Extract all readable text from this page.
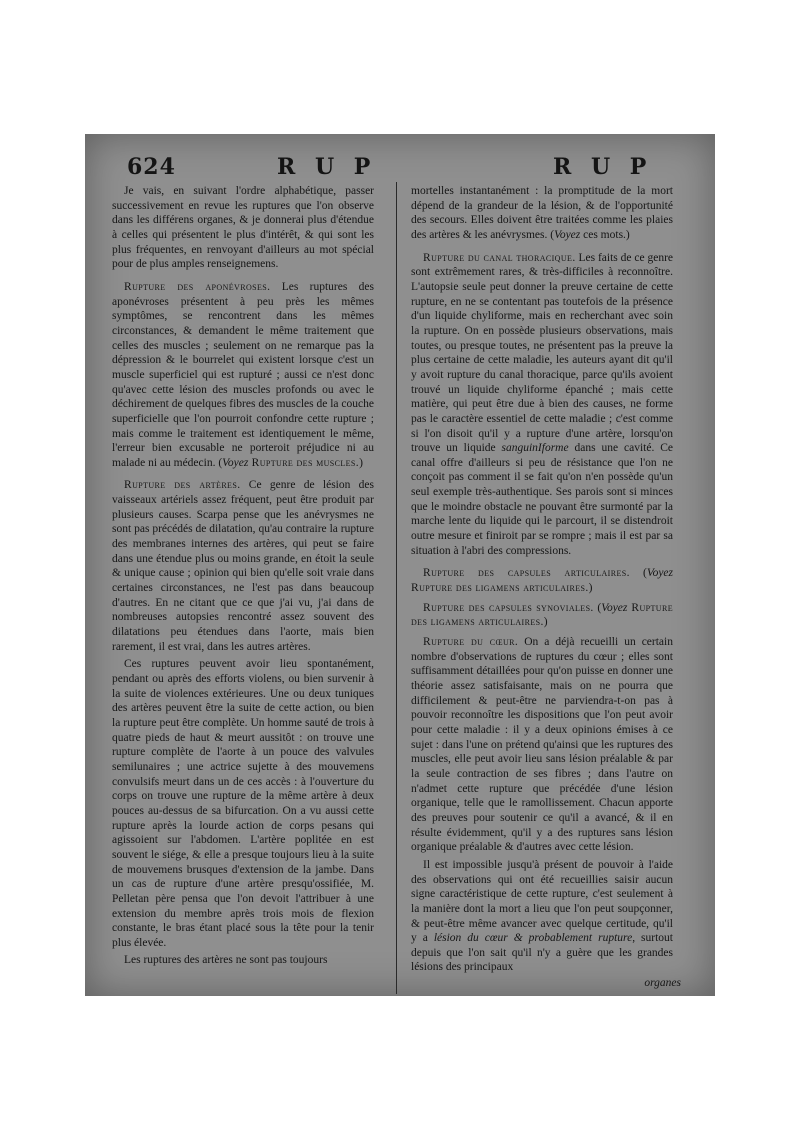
624	R U P	R U P

Je vais, en suivant l'ordre alphabétique, passer successivement en revue les ruptures que l'on observe dans les différens organes, & je donnerai plus d'étendue à celles qui présentent le plus d'intérêt, & qui sont les plus fréquentes, en renvoyant d'ailleurs au mot spécial pour de plus amples renseignemens.

Rupture des aponévroses. Les ruptures des aponévroses présentent à peu près les mêmes symptômes, se rencontrent dans les mêmes circonstances, & demandent le même traitement que celles des muscles ; seulement on ne remarque pas la dépression & le bourrelet qui existent lorsque c'est un muscle superficiel qui est rupturé ; aussi ce n'est donc qu'avec cette lésion des muscles profonds ou avec le déchirement de quelques fibres des muscles de la couche superficielle que l'on pourroit confondre cette rupture ; mais comme le traitement est identiquement le même, l'erreur bien excusable ne porteroit préjudice ni au malade ni au médecin. (Voyez Rupture des muscles.)

Rupture des artères. Ce genre de lésion des vaisseaux artériels assez fréquent, peut être produit par plusieurs causes. Scarpa pense que les anévrysmes ne sont pas précédés de dilatation, qu'au contraire la rupture des membranes internes des artères, qui peut se faire dans une étendue plus ou moins grande, en étoit la seule & unique cause ; opinion qui bien qu'elle soit vraie dans certaines circonstances, ne l'est pas dans beaucoup d'autres. En ne citant que ce que j'ai vu, j'ai dans de nombreuses autopsies rencontré assez souvent des dilatations peu étendues dans l'aorte, mais bien rarement, il est vrai, dans les autres artères.

Ces ruptures peuvent avoir lieu spontanément, pendant ou après des efforts violens, ou bien survenir à la suite de violences extérieures. Une ou deux tuniques des artères peuvent être la suite de cette action, ou bien la rupture peut être complète. Un homme sauté de trois à quatre pieds de haut & meurt aussitôt : on trouve une rupture complète de l'aorte à un pouce des valvules semilunaires ; une actrice sujette à des mouvemens convulsifs meurt dans un de ces accès : à l'ouverture du corps on trouve une rupture de la même artère à deux pouces au-dessus de sa bifurcation. On a vu aussi cette rupture après la lourde action de corps pesans qui agissoient sur l'abdomen. L'artère poplitée en est souvent le siége, & elle a presque toujours lieu à la suite de mouvemens brusques d'extension de la jambe. Dans un cas de rupture d'une artère presqu'ossifiée, M. Pelletan père pensa que l'on devoit l'attribuer à une extension du membre après trois mois de flexion constante, le bras étant placé sous la tête pour la tenir plus élevée.

Les ruptures des artères ne sont pas toujours

mortelles instantanément : la promptitude de la mort dépend de la grandeur de la lésion, & de l'opportunité des secours. Elles doivent être traitées comme les plaies des artères & les anévrysmes. (Voyez ces mots.)

Rupture du canal thoracique. Les faits de ce genre sont extrêmement rares, & très-difficiles à reconnoître. L'autopsie seule peut donner la preuve certaine de cette rupture, en ne se contentant pas toutefois de la présence d'un liquide chyliforme, mais en recherchant avec soin la rupture. On en possède plusieurs observations, mais toutes, ou presque toutes, ne présentent pas la preuve la plus certaine de cette maladie, les auteurs ayant dit qu'il y avoit rupture du canal thoracique, parce qu'ils avoient trouvé un liquide chyliforme épanché ; mais cette matière, qui peut être due à bien des causes, ne forme pas le caractère essentiel de cette maladie ; c'est comme si l'on disoit qu'il y a rupture d'une artère, lorsqu'on trouve un liquide sanguinIforme dans une cavité. Ce canal offre d'ailleurs si peu de résistance que l'on ne conçoit pas comment il se fait qu'on n'en possède qu'un seul exemple très-authentique. Ses parois sont si minces que le moindre obstacle ne pouvant être surmonté par la marche lente du liquide qui le parcourt, il se distendroit outre mesure et finiroit par se rompre ; mais il est par sa situation à l'abri des compressions.

Rupture des capsules articulaires. (Voyez Rupture des ligamens articulaires.)

Rupture des capsules synoviales. (Voyez Rupture des ligamens articulaires.)

Rupture du cœur. On a déjà recueilli un certain nombre d'observations de ruptures du cœur ; elles sont suffisamment détaillées pour qu'on puisse en donner une théorie assez satisfaisante, mais on ne pourra que difficilement & peut-être ne parviendra-t-on pas à pouvoir reconnoître les dispositions que l'on peut avoir pour cette maladie : il y a deux opinions émises à ce sujet : dans l'une on prétend qu'ainsi que les ruptures des muscles, elle peut avoir lieu sans lésion préalable & par la seule contraction de ses fibres ; dans l'autre on n'admet cette rupture que précédée d'une lésion organique, telle que le ramollissement. Chacun apporte des preuves pour soutenir ce qu'il a avancé, & il en résulte évidemment, qu'il y a des ruptures sans lésion organique préalable & d'autres avec cette lésion.

Il est impossible jusqu'à présent de pouvoir à l'aide des observations qui ont été recueillies saisir aucun signe caractéristique de cette rupture, c'est seulement à la manière dont la mort a lieu que l'on peut soupçonner, & peut-être même avancer avec quelque certitude, qu'il y a lésion du cœur & probablement rupture, surtout depuis que l'on sait qu'il n'y a guère que les grandes lésions des principaux

organes
